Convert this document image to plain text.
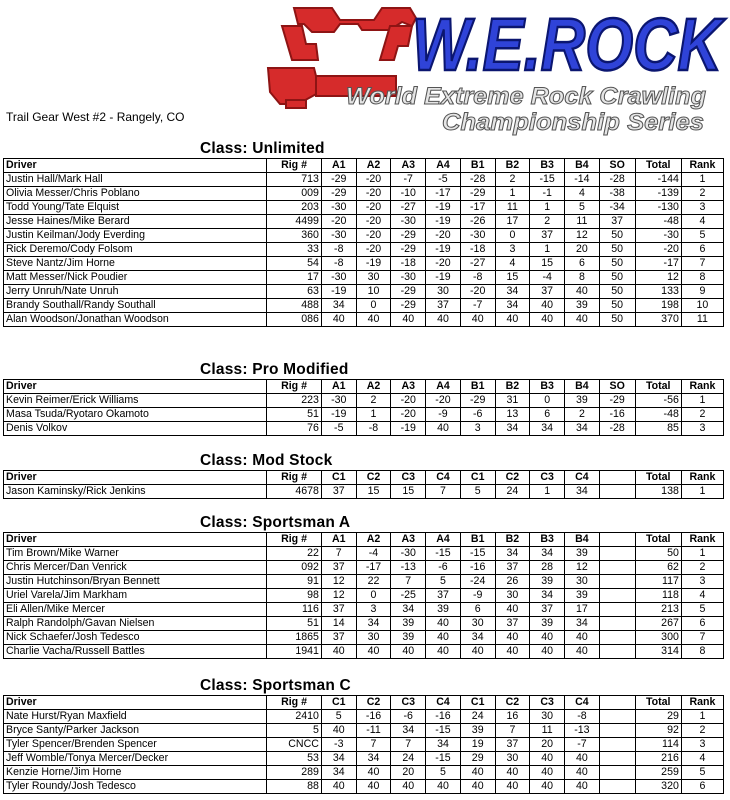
W.E.ROCK
World Extreme Rock Crawling
Championship Series
Trail Gear West #2 - Rangely, CO
Class: Unlimited
Driver	Rig #	A1	A2	A3	A4	B1	B2	B3	B4	SO	Total	Rank
Justin Hall/Mark Hall	713	-29	-20	-7	-5	-28	2	-15	-14	-28	-144	1
Olivia Messer/Chris Poblano	009	-29	-20	-10	-17	-29	1	-1	4	-38	-139	2
Todd Young/Tate Elquist	203	-30	-20	-27	-19	-17	11	1	5	-34	-130	3
Jesse Haines/Mike Berard	4499	-20	-20	-30	-19	-26	17	2	11	37	-48	4
Justin Keilman/Jody Everding	360	-30	-20	-29	-20	-30	0	37	12	50	-30	5
Rick Deremo/Cody Folsom	33	-8	-20	-29	-19	-18	3	1	20	50	-20	6
Steve Nantz/Jim Horne	54	-8	-19	-18	-20	-27	4	15	6	50	-17	7
Matt Messer/Nick Poudier	17	-30	30	-30	-19	-8	15	-4	8	50	12	8
Jerry Unruh/Nate Unruh	63	-19	10	-29	30	-20	34	37	40	50	133	9
Brandy Southall/Randy Southall	488	34	0	-29	37	-7	34	40	39	50	198	10
Alan Woodson/Jonathan Woodson	086	40	40	40	40	40	40	40	40	50	370	11
Class: Pro Modified
Driver	Rig #	A1	A2	A3	A4	B1	B2	B3	B4	SO	Total	Rank
Kevin Reimer/Erick Williams	223	-30	2	-20	-20	-29	31	0	39	-29	-56	1
Masa Tsuda/Ryotaro Okamoto	51	-19	1	-20	-9	-6	13	6	2	-16	-48	2
Denis Volkov	76	-5	-8	-19	40	3	34	34	34	-28	85	3
Class: Mod Stock
Driver	Rig #	C1	C2	C3	C4	C1	C2	C3	C4		Total	Rank
Jason Kaminsky/Rick Jenkins	4678	37	15	15	7	5	24	1	34		138	1
Class: Sportsman A
Driver	Rig #	A1	A2	A3	A4	B1	B2	B3	B4		Total	Rank
Tim Brown/Mike Warner	22	7	-4	-30	-15	-15	34	34	39		50	1
Chris Mercer/Dan Venrick	092	37	-17	-13	-6	-16	37	28	12		62	2
Justin Hutchinson/Bryan Bennett	91	12	22	7	5	-24	26	39	30		117	3
Uriel Varela/Jim Markham	98	12	0	-25	37	-9	30	34	39		118	4
Eli Allen/Mike Mercer	116	37	3	34	39	6	40	37	17		213	5
Ralph Randolph/Gavan Nielsen	51	14	34	39	40	30	37	39	34		267	6
Nick Schaefer/Josh Tedesco	1865	37	30	39	40	34	40	40	40		300	7
Charlie Vacha/Russell Battles	1941	40	40	40	40	40	40	40	40		314	8
Class: Sportsman C
Driver	Rig #	C1	C2	C3	C4	C1	C2	C3	C4		Total	Rank
Nate Hurst/Ryan Maxfield	2410	5	-16	-6	-16	24	16	30	-8		29	1
Bryce Santy/Parker Jackson	5	40	-11	34	-15	39	7	11	-13		92	2
Tyler Spencer/Brenden Spencer	CNCC	-3	7	7	34	19	37	20	-7		114	3
Jeff Womble/Tonya Mercer/Decker	53	34	34	24	-15	29	30	40	40		216	4
Kenzie Horne/Jim Horne	289	34	40	20	5	40	40	40	40		259	5
Tyler Roundy/Josh Tedesco	88	40	40	40	40	40	40	40	40		320	6
